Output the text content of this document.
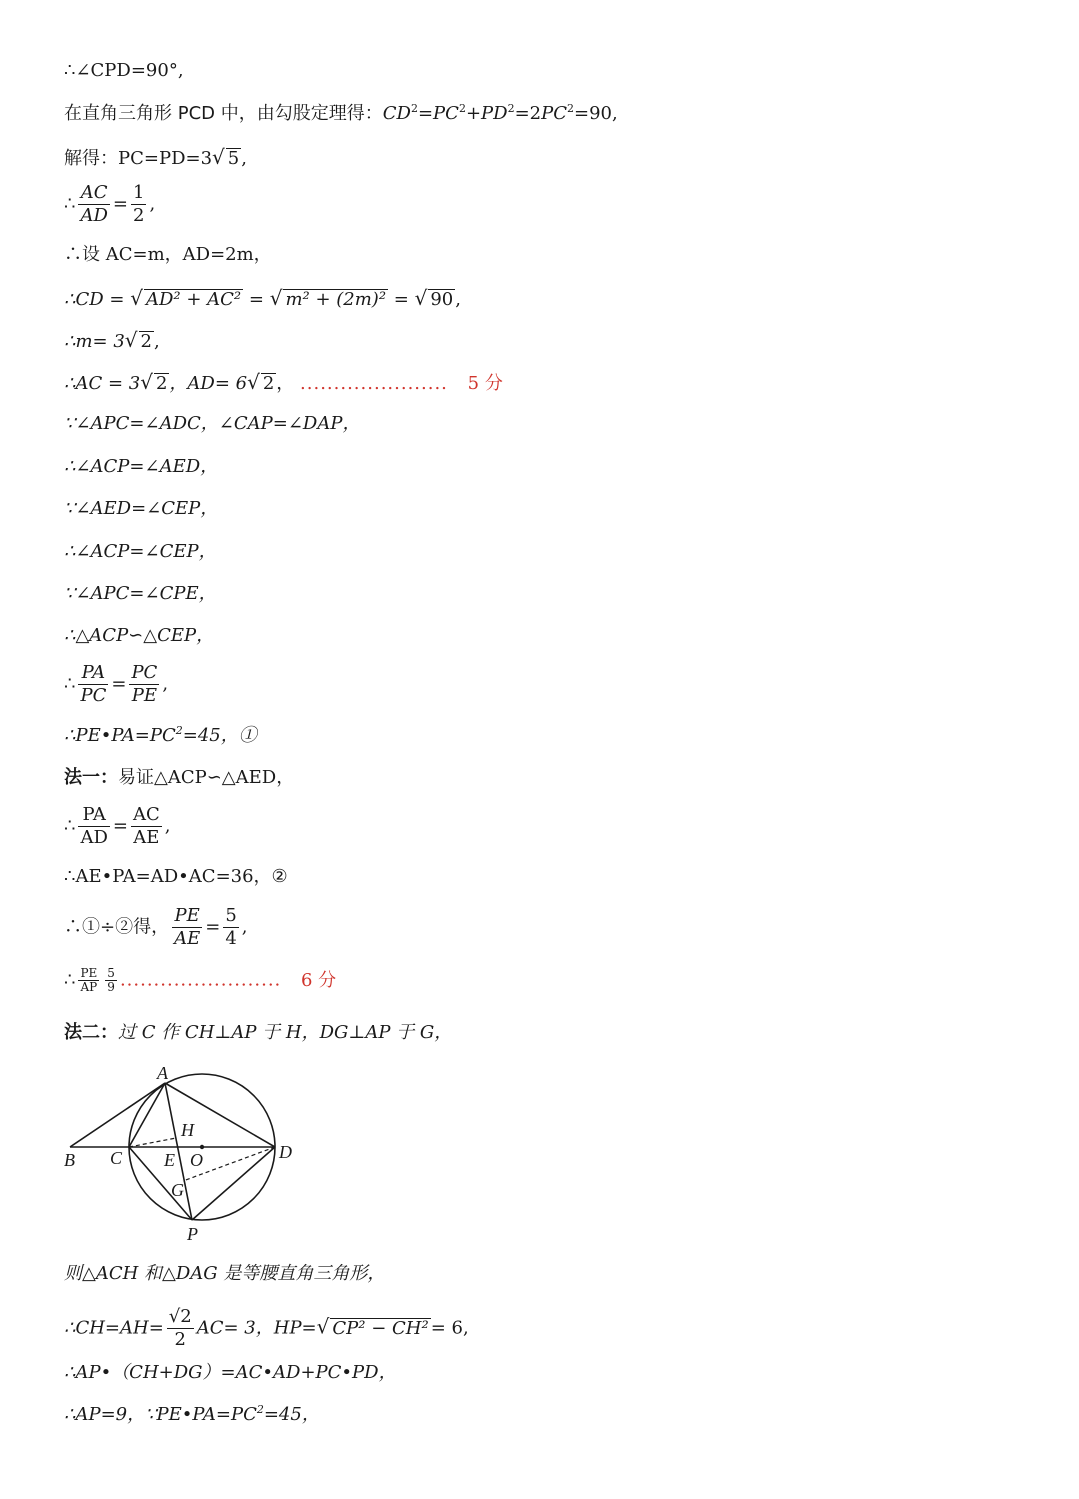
∴∠CPD=90°,
在直角三角形 PCD 中，由勾股定理得：$CD^2=PC^2+PD^2=2PC^2=90$,
解得：PC=PD=3√ 5 ,
∴ $\frac{AC}{AD} = \frac{1}{2}$ ,
∴设 AC=m，AD=2m，
∴CD = √ AD² + AC² = √ m² + (2m)² = √ 90 ,
∴m= 3√ 2 ,
∴AC = 3√ 2 ，AD= 6√ 2 ， ...................... 5 分
∵∠APC=∠ADC，∠CAP=∠DAP，
∴∠ACP=∠AED，
∵∠AED=∠CEP，
∴∠ACP=∠CEP，
∵∠APC=∠CPE，
∴△ACP∽△CEP，
∴ $\frac{PA}{PC} = \frac{PC}{PE}$ ,
$\therefore PE•PA=PC^2=45$，①
法一：易证△ACP∽△AED，
∴ $\frac{PA}{AD} = \frac{AC}{AE}$ ,
∴AE•PA=AD•AC=36，②
∴①÷②得， $\frac{PE}{AE} = \frac{5}{4}$ ,
∴ $\frac{PE}{AP} \frac{5}{9}$ ........................ 6 分
法二：过 C 作 CH⊥AP 于 H，DG⊥AP 于 G，
A
B C	D
E O
H
G
P
则△ACH 和△DAG 是等腰直角三角形，
∴CH=AH= $\frac{√2}{2} AC= 3$，HP=√ CP² − CH² = 6,
∴AP•（CH+DG）=AC•AD+PC•PD，
∴AP=9，$\because PE•PA=PC^2=45$，
